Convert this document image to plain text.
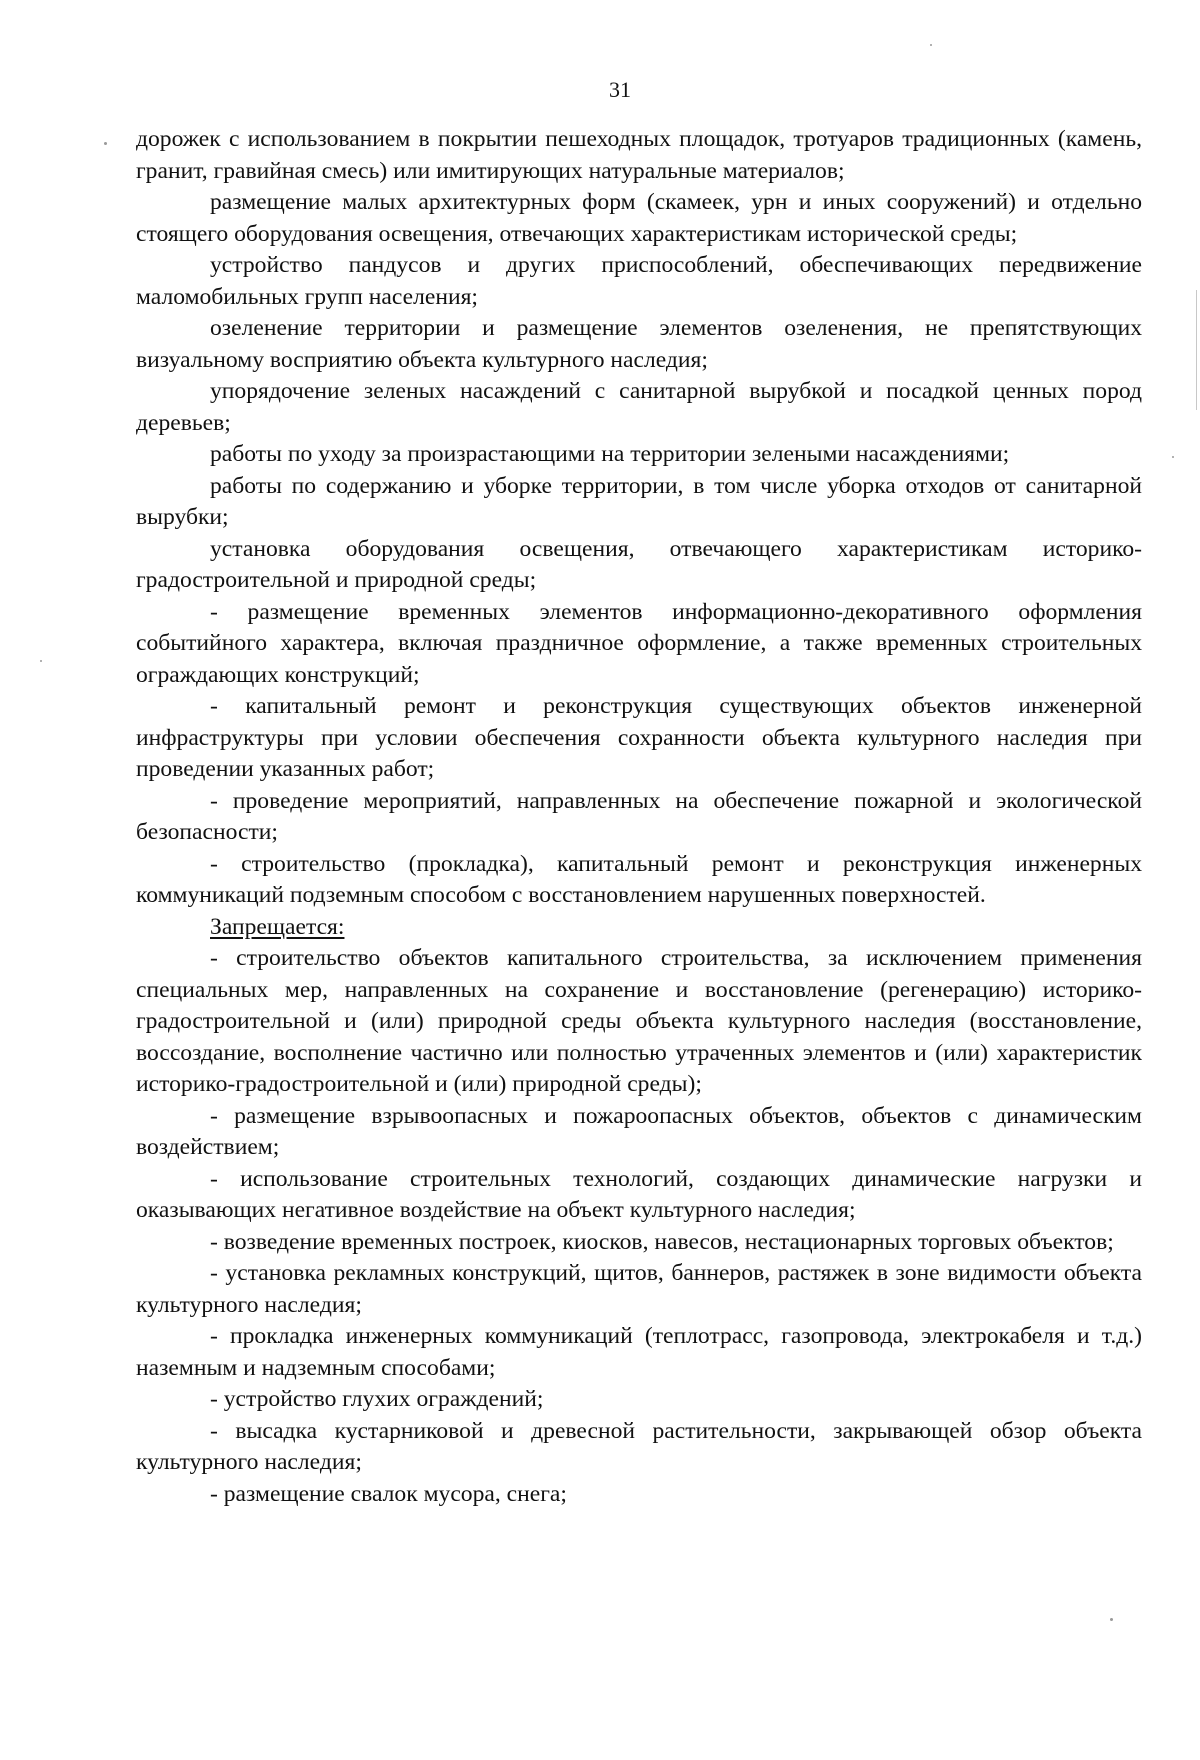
31

дорожек с использованием в покрытии пешеходных площадок, тротуаров традиционных (камень, гранит, гравийная смесь) или имитирующих натуральные материалов;

размещение малых архитектурных форм (скамеек, урн и иных сооружений) и отдельно стоящего оборудования освещения, отвечающих характеристикам исторической среды;

устройство пандусов и других приспособлений, обеспечивающих передвижение маломобильных групп населения;

озеленение территории и размещение элементов озеленения, не препятствующих визуальному восприятию объекта культурного наследия;

упорядочение зеленых насаждений с санитарной вырубкой и посадкой ценных пород деревьев;

работы по уходу за произрастающими на территории зелеными насаждениями;

работы по содержанию и уборке территории, в том числе уборка отходов от санитарной вырубки;

установка оборудования освещения, отвечающего характеристикам историко-градостроительной и природной среды;

- размещение временных элементов информационно-декоративного оформления событийного характера, включая праздничное оформление, а также временных строительных ограждающих конструкций;

- капитальный ремонт и реконструкция существующих объектов инженерной инфраструктуры при условии обеспечения сохранности объекта культурного наследия при проведении указанных работ;

- проведение мероприятий, направленных на обеспечение пожарной и экологической безопасности;

- строительство (прокладка), капитальный ремонт и реконструкция инженерных коммуникаций подземным способом с восстановлением нарушенных поверхностей.

Запрещается:

- строительство объектов капитального строительства, за исключением применения специальных мер, направленных на сохранение и восстановление (регенерацию) историко-градостроительной и (или) природной среды объекта культурного наследия (восстановление, воссоздание, восполнение частично или полностью утраченных элементов и (или) характеристик историко-градостроительной и (или) природной среды);

- размещение взрывоопасных и пожароопасных объектов, объектов с динамическим воздействием;

- использование строительных технологий, создающих динамические нагрузки и оказывающих негативное воздействие на объект культурного наследия;

- возведение временных построек, киосков, навесов, нестационарных торговых объектов;

- установка рекламных конструкций, щитов, баннеров, растяжек в зоне видимости объекта культурного наследия;

- прокладка инженерных коммуникаций (теплотрасс, газопровода, электрокабеля и т.д.) наземным и надземным способами;

- устройство глухих ограждений;

- высадка кустарниковой и древесной растительности, закрывающей обзор объекта культурного наследия;

- размещение свалок мусора, снега;
